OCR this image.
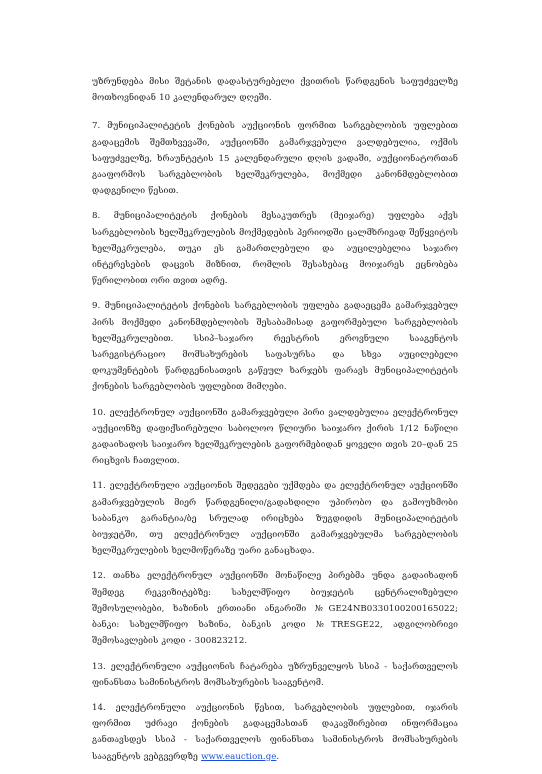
უზრუნდება მისი შეტანის დადასტურებელი ქვითრის წარდგენის საფუძველზე მოთხოვნიდან 10 კალენდარულ დღეში.

7. მუნიციპალიტეტის ქონების აუქციონის ფორმით სარგებლობის უფლებით გადაცემის შემთხვევაში, აუქციონში გამარჯვებული ვალდებულია, ოქმის საფუძველზე, ხრაუნტეტის 15 კალენდარული დღის ვადაში, აუქციონატორთან გააფორმოს სარგებლობის ხელშეკრულება, მოქმედი კანონმდებლობით დადგენილი წესით.

8. მუნიციპალიტეტის ქონების მესაკუთრეს (მეიჯარე) უფლება აქვს სარგებლობის ხელშეკრულების მოქმედების პერიოდში ცალმხრივად შეწყვიტოს ხელშეკრულება, თუკი ეს გამართლებული და აუცილებელია საჯარო ინტერესების დაცვის მიზნით, რომლის შესახებაც მოიჯარეს ეცნობება წერილობით ორი თვით ადრე.

9. მუნიციპალიტეტის ქონების სარგებლობის უფლება გადაეცემა გამარჯვებულ პირს მოქმედი კანონმდებლობის შესაბამისად გაფორმებული სარგებლობის ხელშეკრულებით. სსიპ–საჯარო რეესტრის ეროვნული სააგენტოს სარეგისტრაციო მომსახურების საფასურსა და სხვა აუცილებელი დოკუმენტების წარდგენისათვის გაწეულ ხარჯებს ფარავს მუნიციპალიტეტის ქონების სარგებლობის უფლებით მიმღები.

10. ელექტრონულ აუქციონში გამარჯვებული პირი ვალდებულია ელექტრონულ აუქციონზე დაფიქსირებული საბოლოო წლიური საიჯარო ქირის 1/12 ნაწილი გადაიხადოს საიჯარო ხელშეკრულების გაფორმებიდან ყოველი თვის 20–დან 25 რიცხვის ჩათვლით.

11. ელექტრონული აუქციონის შედეგები უქმდება და ელექტრონულ აუქციონში გამარჯვებულის მიერ წარდგენილი/გადახდილი უპირობო და გამოუხმობი საბანკო გარანტია/ბე სრულად ირიცხება ზუგდიდის მუნიციპალიტეტის ბიუჯეტში, თუ ელექტრონულ აუქციონში გამარჯვებულმა სარგებლობის ხელშეკრულების ხელმოწერაზე უარი განაცხადა.

12. თანხა ელექტრონულ აუქციონში მონაწილე პირებმა უნდა გადაიხადონ შემდეგ რეკვიზიტებზე: სახელმწიფო ბიუჯეტის ცენტრალიზებული შემოსულობები, ხაზინის ერთიანი ანგარიში №GE24NB0330100200165022; ბანკი: სახელმწიფო ხაზინა, ბანკის კოდი №TRESGE22, ადგილობრივი შემოსავლების კოდი - 300823212.

13. ელექტრონული აუქციონის ჩატარება უზრუნველყოს სსიპ - საქართველოს ფინანსთა სამინისტროს მომსახურების სააგენტომ.

14. ელექტრონული აუქციონის წესით, სარგებლობის უფლებით, იჯარის ფორმით უძრავი ქონების გადაცემასთან დაკავშირებით ინფორმაცია განთავსდეს სსიპ - საქართველოს ფინანსთა სამინისტროს მომსახურების სააგენტოს ვებგვერდზე www.eauction.ge.
